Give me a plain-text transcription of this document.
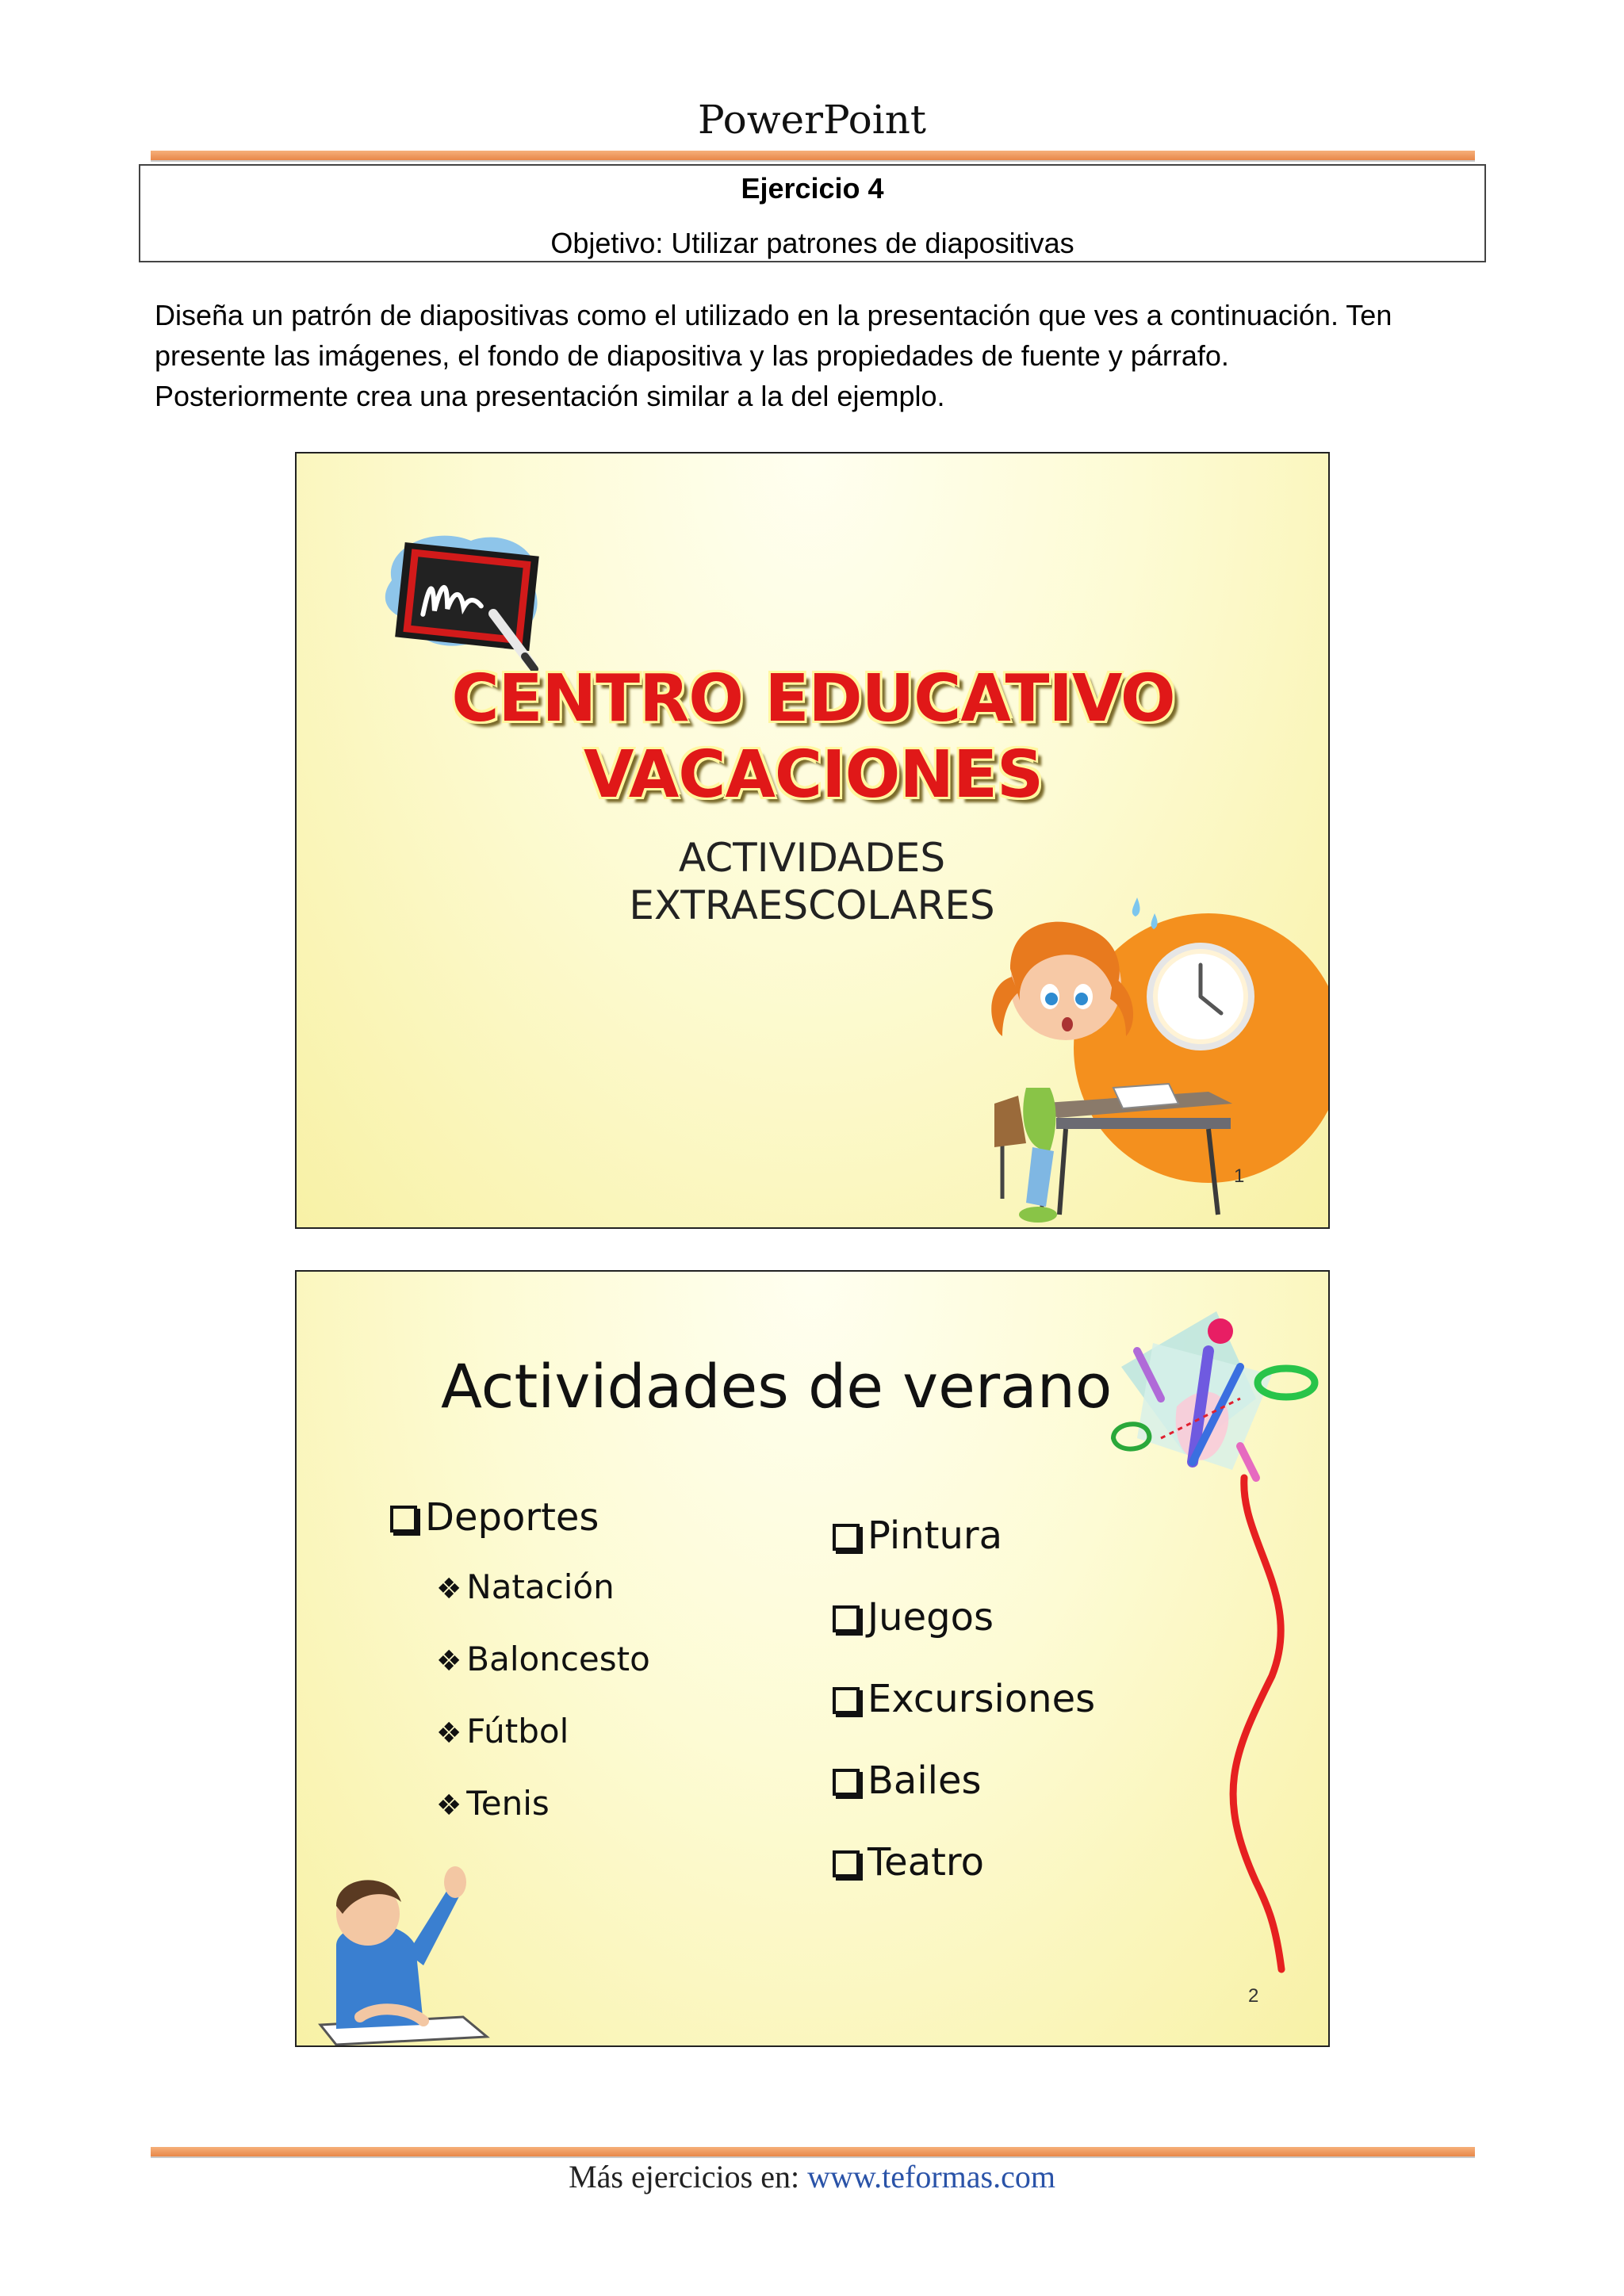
PowerPoint
Ejercicio 4
Objetivo: Utilizar patrones de diapositivas
Diseña un patrón de diapositivas como el utilizado en la presentación que ves a continuación. Ten
presente las imágenes, el fondo de diapositiva y las propiedades de fuente y párrafo.
Posteriormente crea una presentación similar a la del ejemplo.
CENTRO EDUCATIVO
VACACIONES
ACTIVIDADES
EXTRAESCOLARES
1
Actividades de verano
Deportes
❖ Natación
❖ Baloncesto
❖ Fútbol
❖ Tenis
Pintura
Juegos
Excursiones
Bailes
Teatro
2
Más ejercicios en: www.teformas.com
